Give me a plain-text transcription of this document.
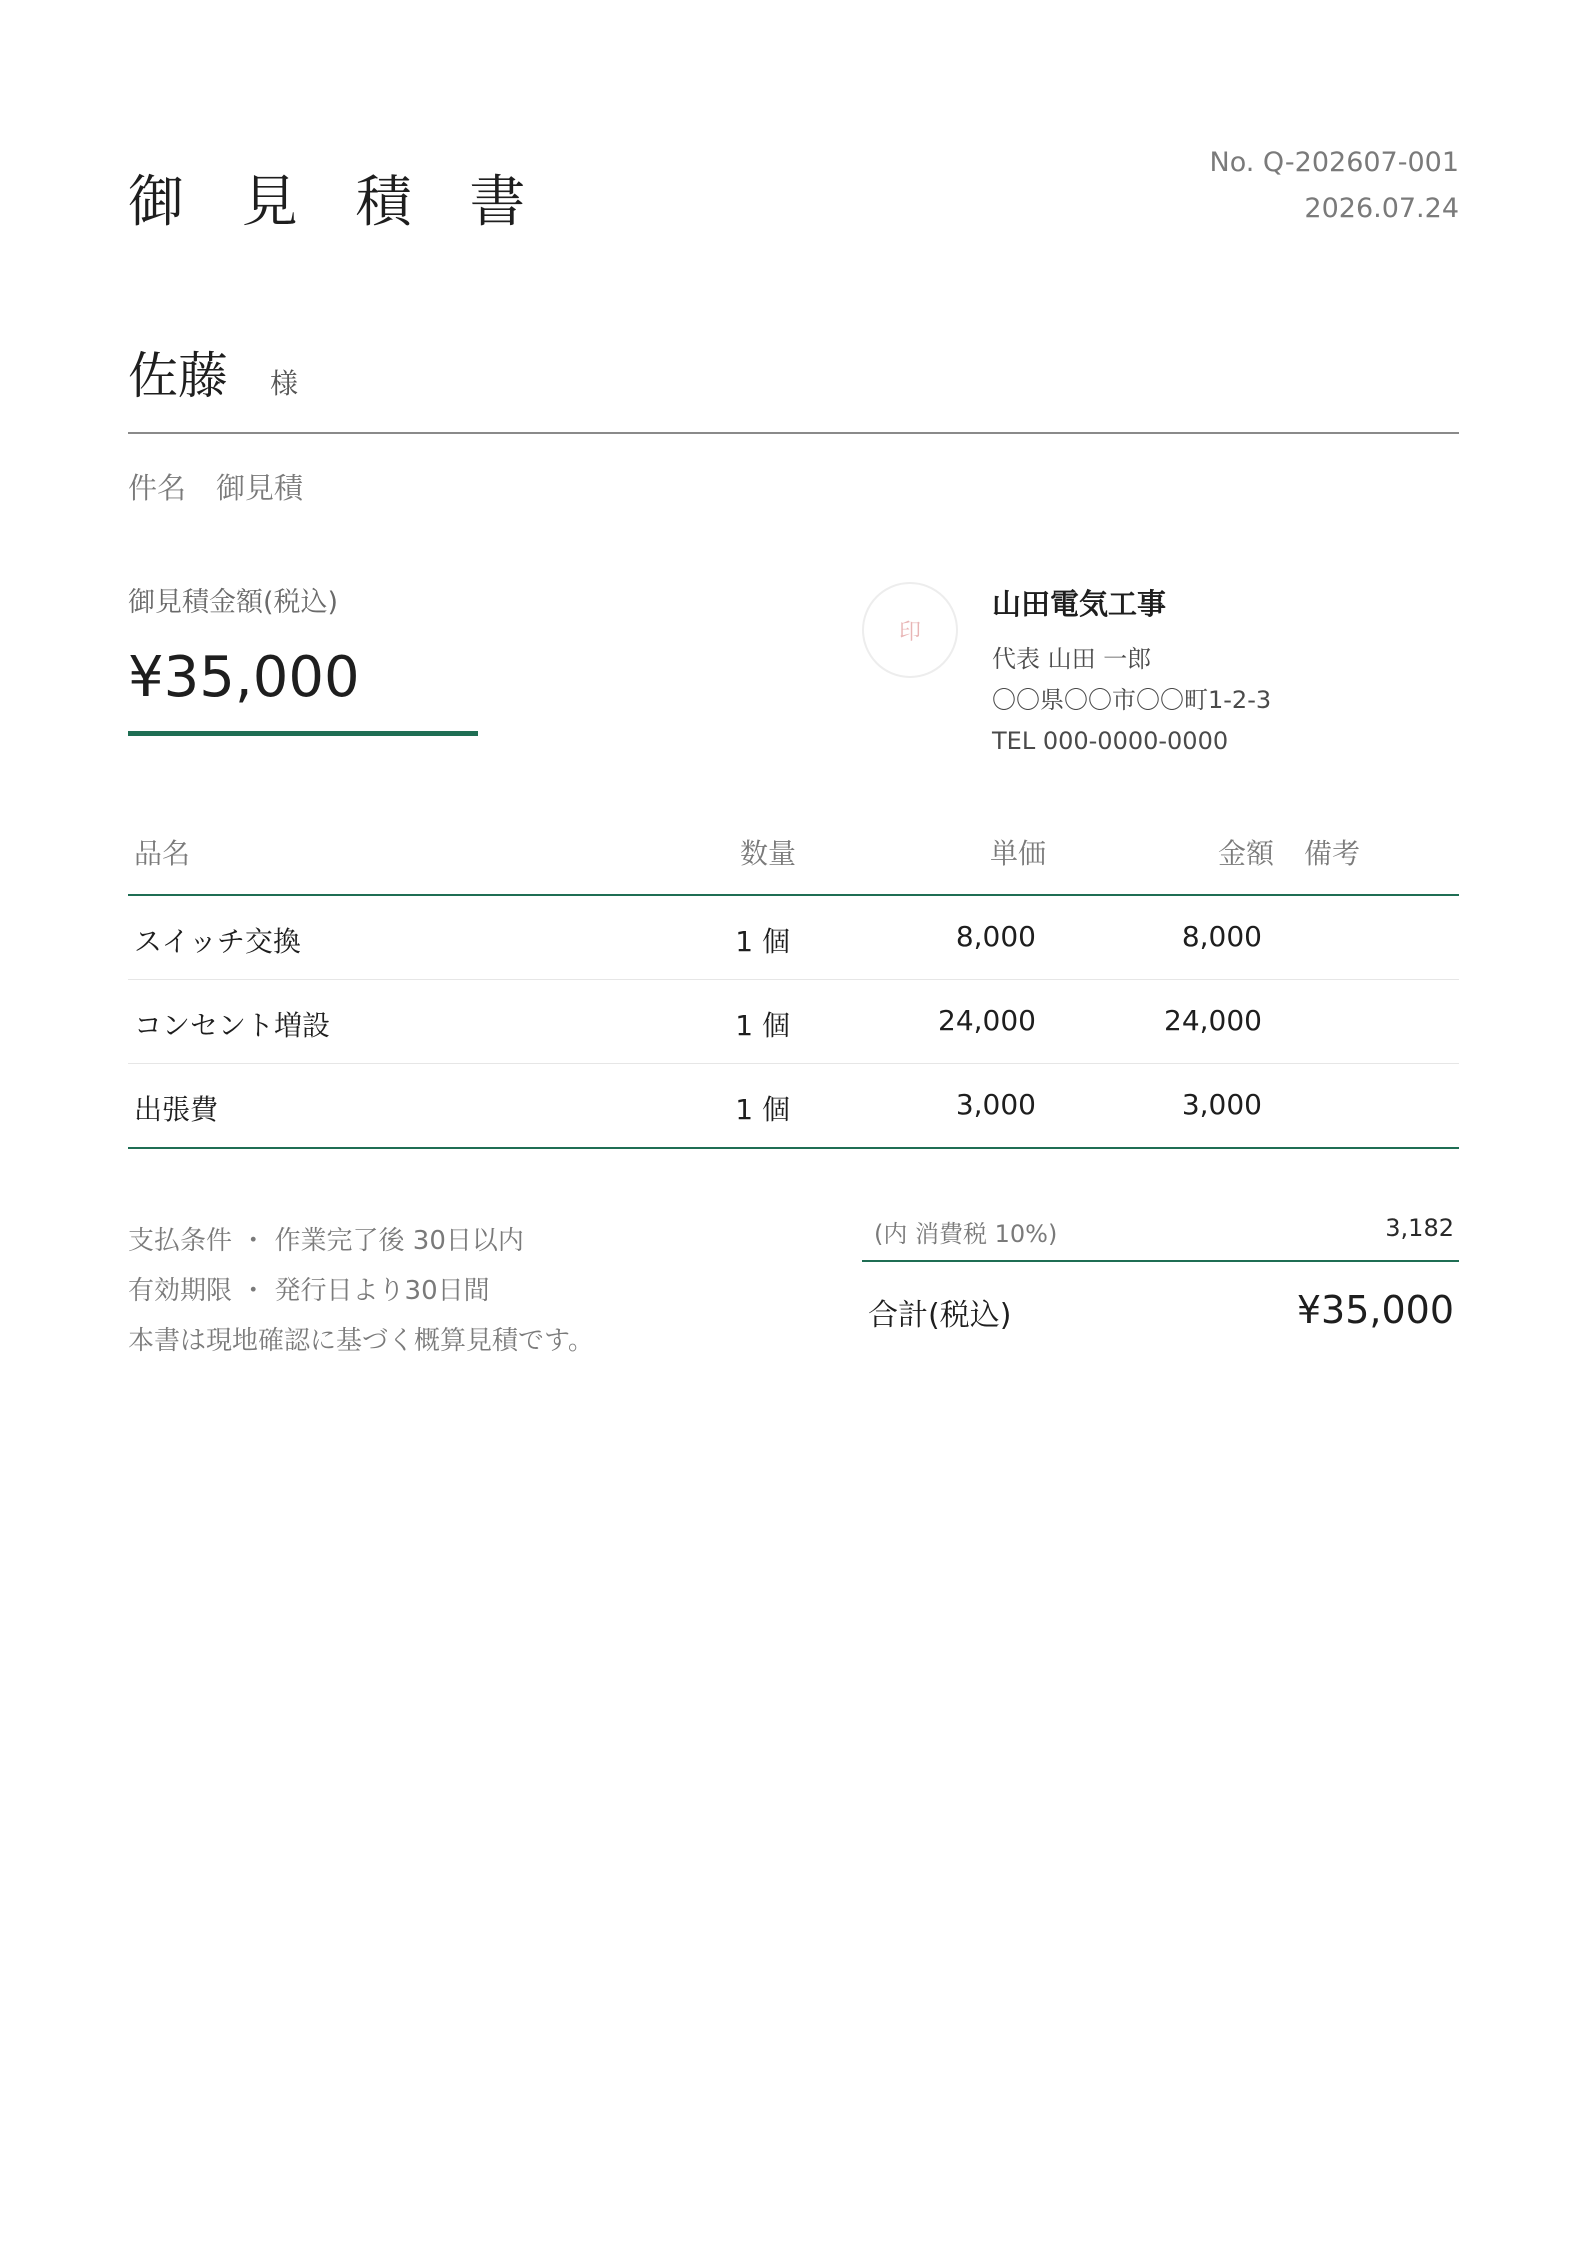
御 見 積 書
No. Q-202607-001
2026.07.24
佐藤 様
件名 御見積
御見積金額(税込)
¥35,000
印
山田電気工事
代表 山田 一郎
〇〇県〇〇市〇〇町1-2-3
TEL 000-0000-0000
品名	数量	単価	金額 備考
スイッチ交換	1 個	8,000	8,000
コンセント増設	1 個	24,000	24,000
出張費	1 個	3,000	3,000
支払条件 ・ 作業完了後 30日以内
有効期限 ・ 発行日より30日間
本書は現地確認に基づく概算見積です。
(内 消費税 10%)	3,182
合計(税込)	¥35,000
